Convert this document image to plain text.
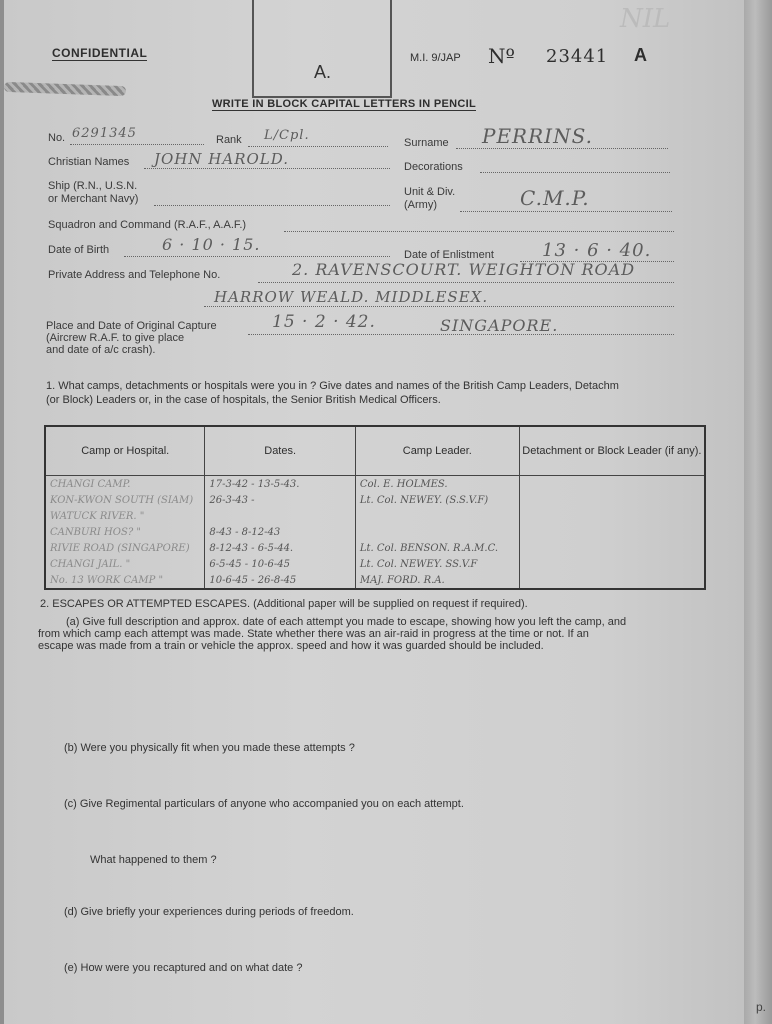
A.
CONFIDENTIAL	M.I. 9/JAP Nº 23441 A
NIL
WRITE IN BLOCK CAPITAL LETTERS IN PENCIL
No. 6291345	Rank L/Cpl.	Surname PERRINS.
Christian Names JOHN HAROLD.	Decorations
Ship (R.N., U.S.N.
or Merchant Navy)
Unit & Div.
(Army)	C.M.P.
Squadron and Command (R.A.F., A.A.F.)
Date of Birth	6 · 10 · 15.
Date of Enlistment	13 · 6 · 40.
Private Address and Telephone No.	2. RAVENSCOURT. WEIGHTON ROAD
HARROW WEALD. MIDDLESEX.
Place and Date of Original Capture
(Aircrew R.A.F. to give place
and date of a/c crash).
15 · 2 · 42.	SINGAPORE.
1. What camps, detachments or hospitals were you in ? Give dates and names of the British Camp Leaders, Detachm
(or Block) Leaders or, in the case of hospitals, the Senior British Medical Officers.
Camp or Hospital.	Dates.	Camp Leader.	Detachment or Block Leader (if any).
CHANGI CAMP.	17-3-42 - 13-5-43.	Col. E. HOLMES.	
KON-KWON SOUTH (SIAM)	26-3-43 -	Lt. Col. NEWEY. (S.S.V.F)	
WATUCK RIVER. "			
CANBURI HOS? "	8-43 - 8-12-43		
RIVIE ROAD (SINGAPORE)	8-12-43 - 6-5-44.	Lt. Col. BENSON. R.A.M.C.	
CHANGI JAIL. "	6-5-45 - 10-6-45	Lt. Col. NEWEY. SS.V.F	
No. 13 WORK CAMP "	10-6-45 - 26-8-45	MAJ. FORD. R.A.	
2. ESCAPES OR ATTEMPTED ESCAPES. (Additional paper will be supplied on request if required).
(a) Give full description and approx. date of each attempt you made to escape, showing how you left the camp, and
from which camp each attempt was made. State whether there was an air-raid in progress at the time or not. If an
escape was made from a train or vehicle the approx. speed and how it was guarded should be included.
(b) Were you physically fit when you made these attempts ?
(c) Give Regimental particulars of anyone who accompanied you on each attempt.
What happened to them ?
(d) Give briefly your experiences during periods of freedom.
(e) How were you recaptured and on what date ?
p.
